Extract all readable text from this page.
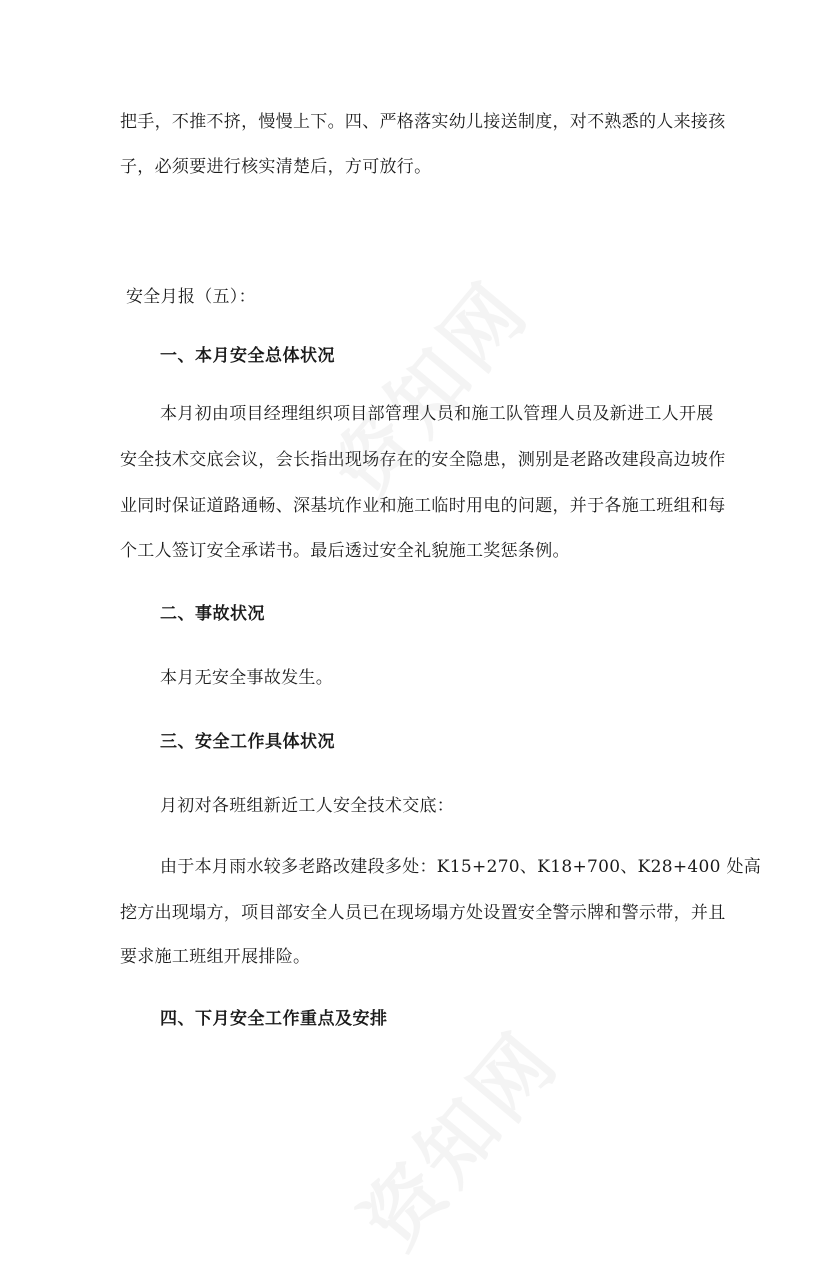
把手，不推不挤，慢慢上下。四、严格落实幼儿接送制度，对不熟悉的人来接孩
子，必须要进行核实清楚后，方可放行。
安全月报（五）：
一、本月安全总体状况
本月初由项目经理组织项目部管理人员和施工队管理人员及新进工人开展
安全技术交底会议，会长指出现场存在的安全隐患，测别是老路改建段高边坡作
业同时保证道路通畅、深基坑作业和施工临时用电的问题，并于各施工班组和每
个工人签订安全承诺书。最后透过安全礼貌施工奖惩条例。
二、事故状况
本月无安全事故发生。
三、安全工作具体状况
月初对各班组新近工人安全技术交底：
由于本月雨水较多老路改建段多处：K15+270、K18+700、K28+400 处高
挖方出现塌方，项目部安全人员已在现场塌方处设置安全警示牌和警示带，并且
要求施工班组开展排险。
四、下月安全工作重点及安排
